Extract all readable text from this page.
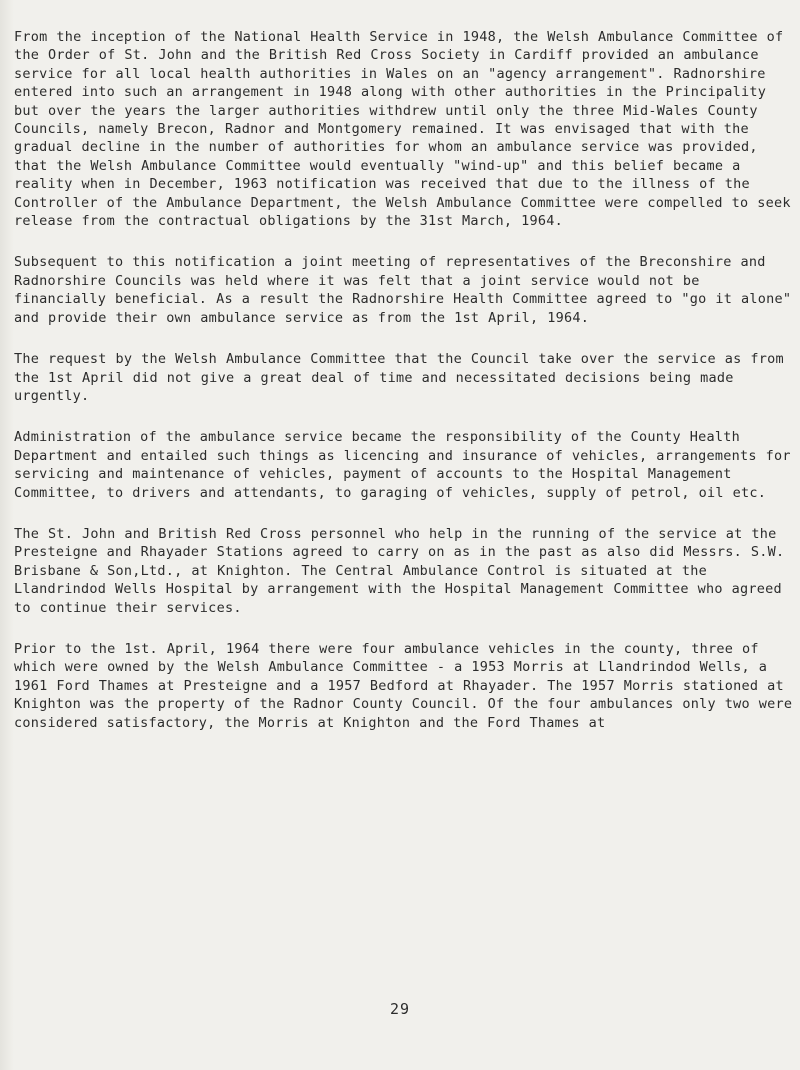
From the inception of the National Health Service in 1948, the Welsh Ambulance Committee of the Order of St. John and the British Red Cross Society in Cardiff provided an ambulance service for all local health authorities in Wales on an "agency arrangement". Radnorshire entered into such an arrangement in 1948 along with other authorities in the Principality but over the years the larger authorities withdrew until only the three Mid-Wales County Councils, namely Brecon, Radnor and Montgomery remained. It was envisaged that with the gradual decline in the number of authorities for whom an ambulance service was provided, that the Welsh Ambulance Committee would eventually "wind-up" and this belief became a reality when in December, 1963 notification was received that due to the illness of the Controller of the Ambulance Department, the Welsh Ambulance Committee were compelled to seek release from the contractual obligations by the 31st March, 1964.

Subsequent to this notification a joint meeting of representatives of the Breconshire and Radnorshire Councils was held where it was felt that a joint service would not be financially beneficial. As a result the Radnorshire Health Committee agreed to "go it alone" and provide their own ambulance service as from the 1st April, 1964.

The request by the Welsh Ambulance Committee that the Council take over the service as from the 1st April did not give a great deal of time and necessitated decisions being made urgently.

Administration of the ambulance service became the responsibility of the County Health Department and entailed such things as licencing and insurance of vehicles, arrangements for servicing and maintenance of vehicles, payment of accounts to the Hospital Management Committee, to drivers and attendants, to garaging of vehicles, supply of petrol, oil etc.

The St. John and British Red Cross personnel who help in the running of the service at the Presteigne and Rhayader Stations agreed to carry on as in the past as also did Messrs. S.W. Brisbane & Son,Ltd., at Knighton. The Central Ambulance Control is situated at the Llandrindod Wells Hospital by arrangement with the Hospital Management Committee who agreed to continue their services.

Prior to the 1st. April, 1964 there were four ambulance vehicles in the county, three of which were owned by the Welsh Ambulance Committee - a 1953 Morris at Llandrindod Wells, a 1961 Ford Thames at Presteigne and a 1957 Bedford at Rhayader. The 1957 Morris stationed at Knighton was the property of the Radnor County Council. Of the four ambulances only two were considered satisfactory, the Morris at Knighton and the Ford Thames at

29
